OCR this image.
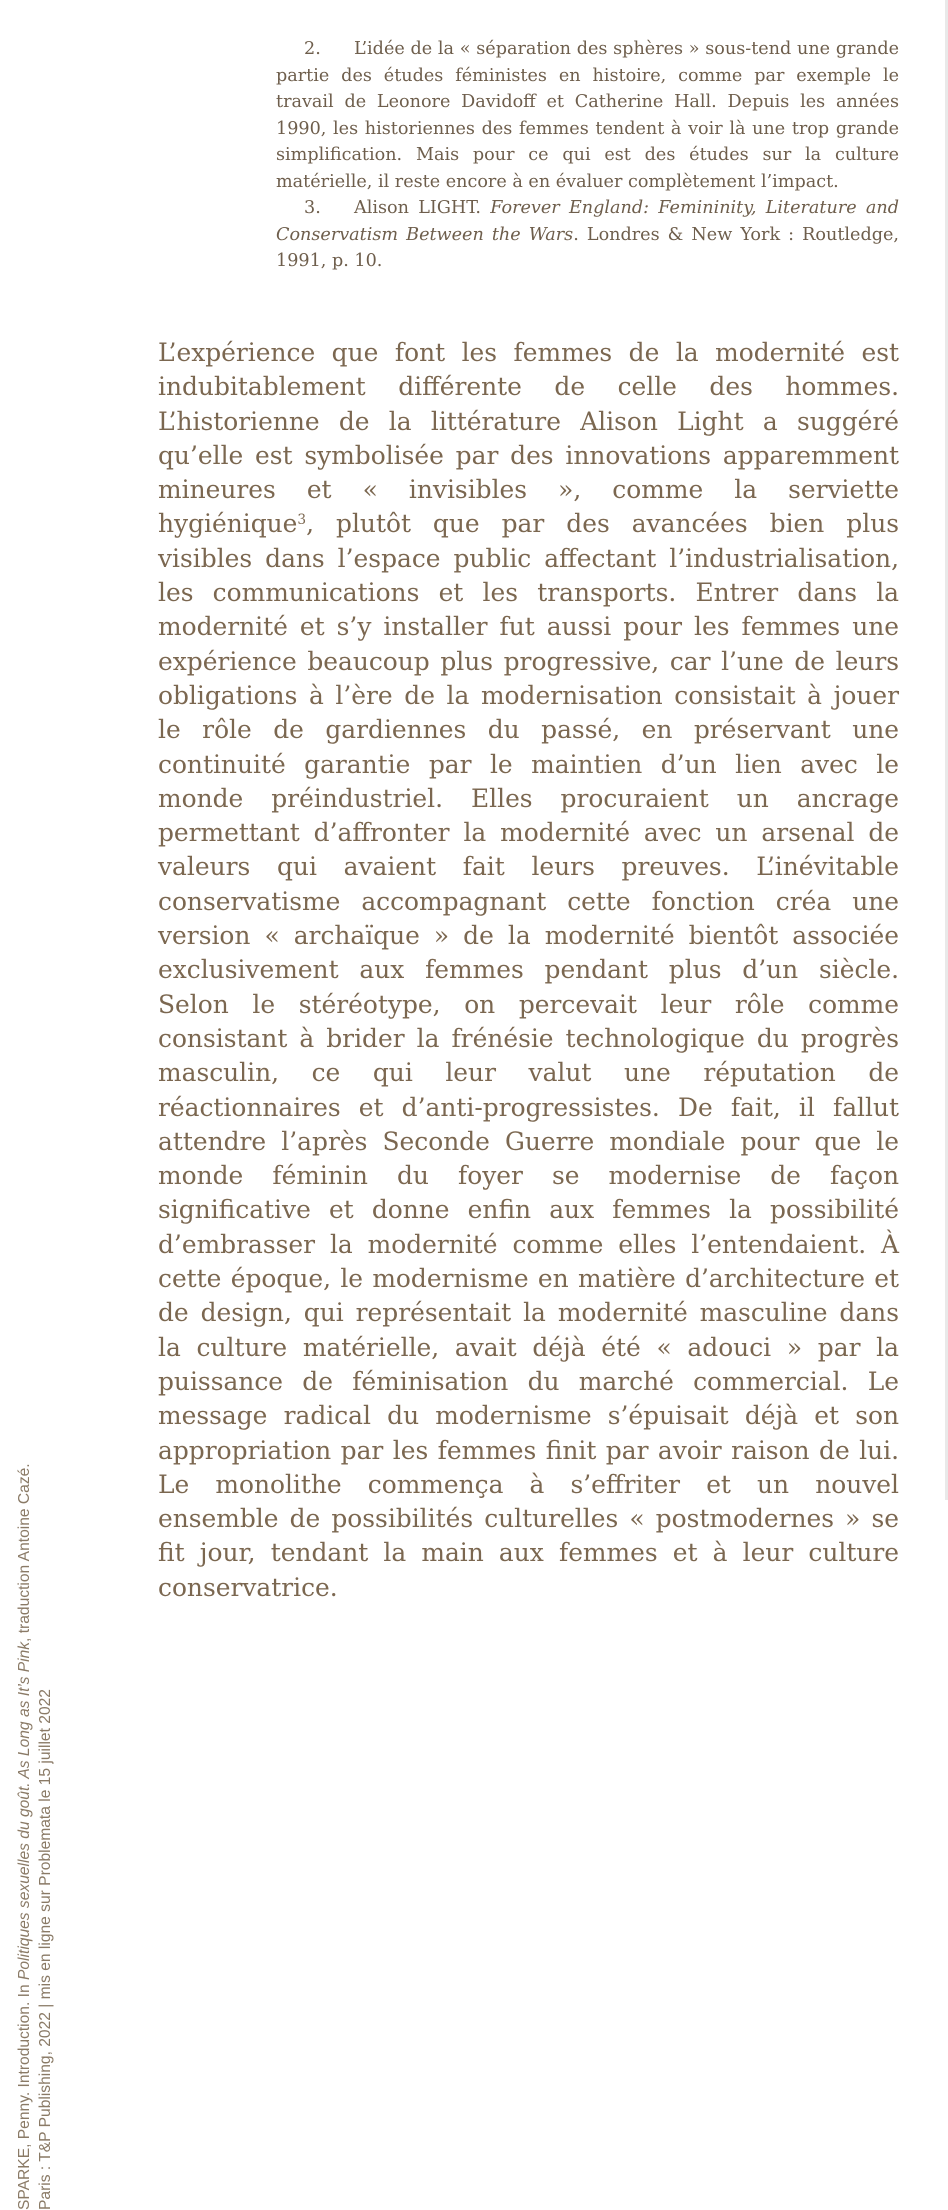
2. L’idée de la « séparation des sphères » sous-tend une grande partie des études féministes en histoire, comme par exemple le travail de Leonore Davidoff et Catherine Hall. Depuis les années 1990, les historiennes des femmes tendent à voir là une trop grande simplification. Mais pour ce qui est des études sur la culture matérielle, il reste encore à en évaluer complètement l’impact.

3. Alison LIGHT. Forever England: Femininity, Literature and Conservatism Between the Wars. Londres & New York : Routledge, 1991, p. 10.

L’expérience que font les femmes de la modernité est indubitablement différente de celle des hommes. L’historienne de la littérature Alison Light a suggéré qu’elle est symbolisée par des innovations apparemment mineures et « invisibles », comme la serviette hygiénique$^3$, plutôt que par des avancées bien plus visibles dans l’espace public affectant l’industrialisation, les communications et les transports. Entrer dans la modernité et s’y installer fut aussi pour les femmes une expérience beaucoup plus progressive, car l’une de leurs obligations à l’ère de la modernisation consistait à jouer le rôle de gardiennes du passé, en préservant une continuité garantie par le maintien d’un lien avec le monde préindustriel. Elles procuraient un ancrage permettant d’affronter la modernité avec un arsenal de valeurs qui avaient fait leurs preuves. L’inévitable conservatisme accompagnant cette fonction créa une version « archaïque » de la modernité bientôt associée exclusivement aux femmes pendant plus d’un siècle. Selon le stéréotype, on percevait leur rôle comme consistant à brider la frénésie technologique du progrès masculin, ce qui leur valut une réputation de réactionnaires et d’anti-progressistes. De fait, il fallut attendre l’après Seconde Guerre mondiale pour que le monde féminin du foyer se modernise de façon significative et donne enfin aux femmes la possibilité d’embrasser la modernité comme elles l’entendaient. À cette époque, le modernisme en matière d’architecture et de design, qui représentait la modernité masculine dans la culture matérielle, avait déjà été « adouci » par la puissance de féminisation du marché commercial. Le message radical du modernisme s’épuisait déjà et son appropriation par les femmes finit par avoir raison de lui. Le monolithe commença à s’effriter et un nouvel ensemble de possibilités culturelles « postmodernes » se fit jour, tendant la main aux femmes et à leur culture conservatrice.

SPARKE, Penny. Introduction. In Politiques sexuelles du goût. As Long as It’s Pink, traduction Antoine Cazé.
Paris : T&P Publishing, 2022 | mis en ligne sur Problemata le 15 juillet 2022
